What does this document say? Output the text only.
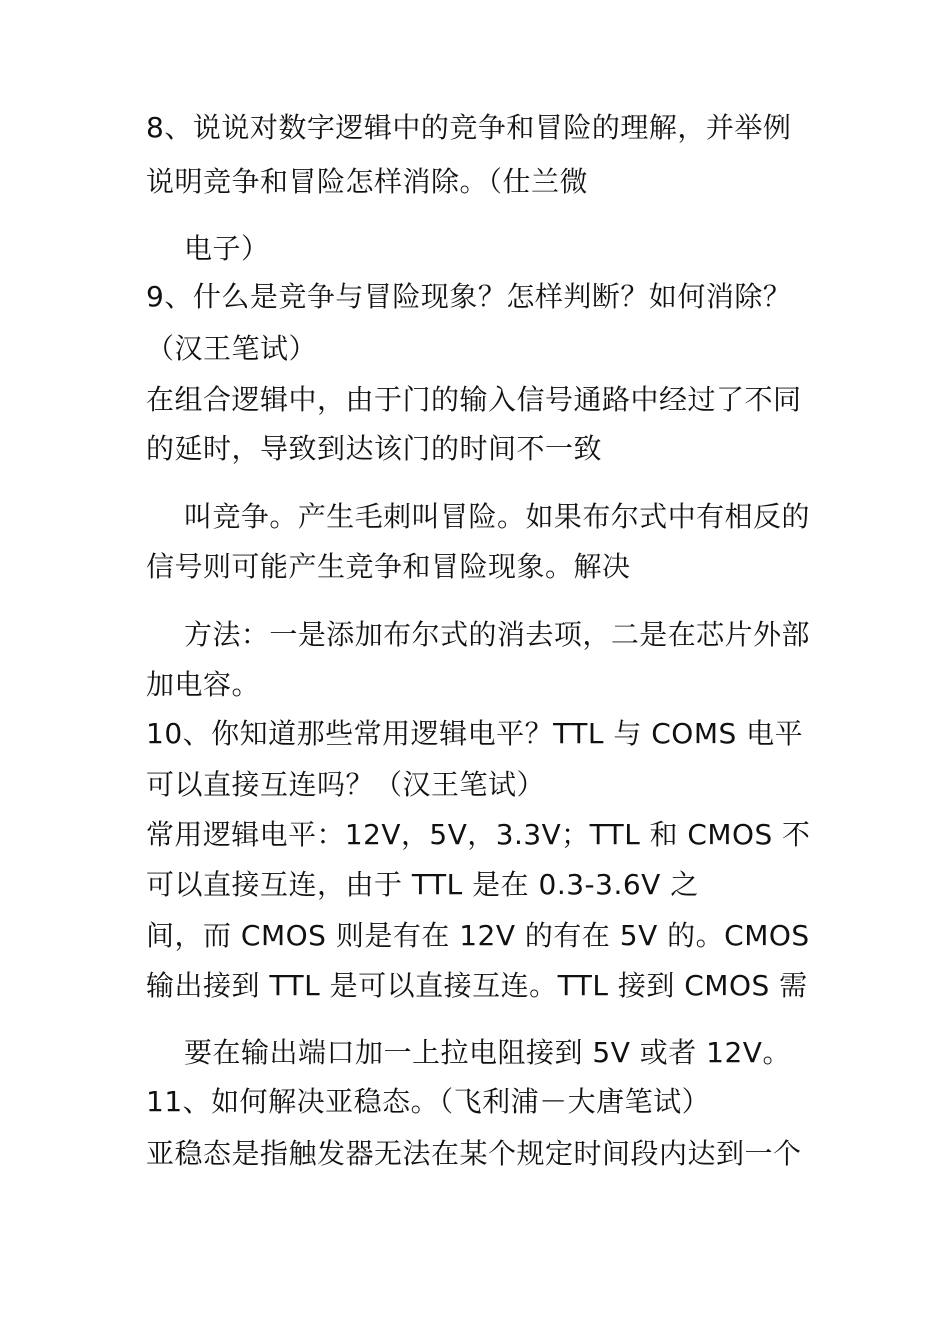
8、说说对数字逻辑中的竞争和冒险的理解，并举例
说明竞争和冒险怎样消除。（仕兰微
电子）
9、什么是竞争与冒险现象？怎样判断？如何消除？
（汉王笔试）
在组合逻辑中，由于门的输入信号通路中经过了不同
的延时，导致到达该门的时间不一致
叫竞争。产生毛刺叫冒险。如果布尔式中有相反的
信号则可能产生竞争和冒险现象。解决
方法：一是添加布尔式的消去项，二是在芯片外部
加电容。
10、你知道那些常用逻辑电平？TTL 与 COMS 电平
可以直接互连吗？（汉王笔试）
常用逻辑电平：12V，5V，3.3V；TTL 和 CMOS 不
可以直接互连，由于 TTL 是在 0.3-3.6V 之
间，而 CMOS 则是有在 12V 的有在 5V 的。CMOS
输出接到 TTL 是可以直接互连。TTL 接到 CMOS 需
要在输出端口加一上拉电阻接到 5V 或者 12V。
11、如何解决亚稳态。（飞利浦－大唐笔试）
亚稳态是指触发器无法在某个规定时间段内达到一个
